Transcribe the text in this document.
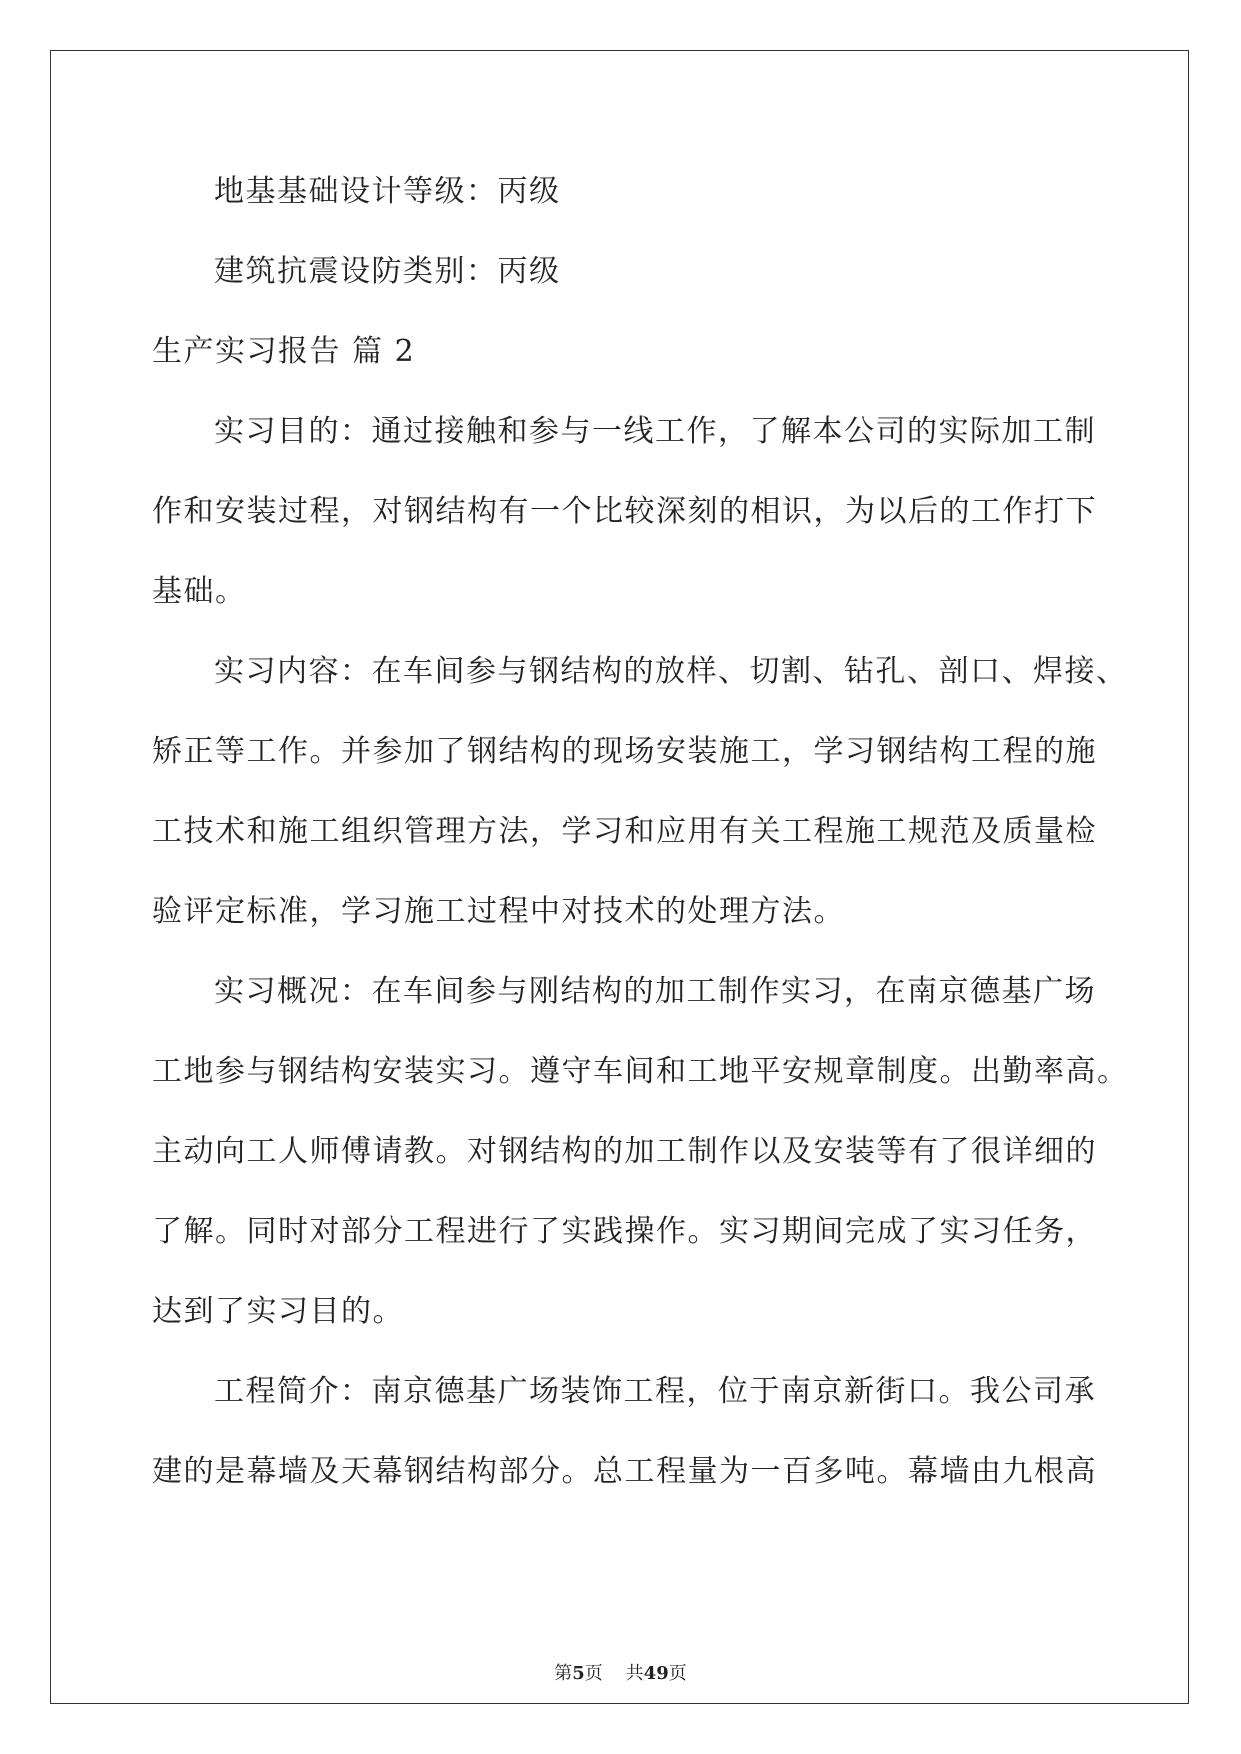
地基基础设计等级：丙级
建筑抗震设防类别：丙级
生产实习报告 篇 2
实习目的：通过接触和参与一线工作，了解本公司的实际加工制
作和安装过程，对钢结构有一个比较深刻的相识，为以后的工作打下
基础。
实习内容：在车间参与钢结构的放样、切割、钻孔、剖口、焊接、
矫正等工作。并参加了钢结构的现场安装施工，学习钢结构工程的施
工技术和施工组织管理方法，学习和应用有关工程施工规范及质量检
验评定标准，学习施工过程中对技术的处理方法。
实习概况：在车间参与刚结构的加工制作实习，在南京德基广场
工地参与钢结构安装实习。遵守车间和工地平安规章制度。出勤率高。
主动向工人师傅请教。对钢结构的加工制作以及安装等有了很详细的
了解。同时对部分工程进行了实践操作。实习期间完成了实习任务，
达到了实习目的。
工程简介：南京德基广场装饰工程，位于南京新街口。我公司承
建的是幕墙及天幕钢结构部分。总工程量为一百多吨。幕墙由九根高
第5页 共49页
